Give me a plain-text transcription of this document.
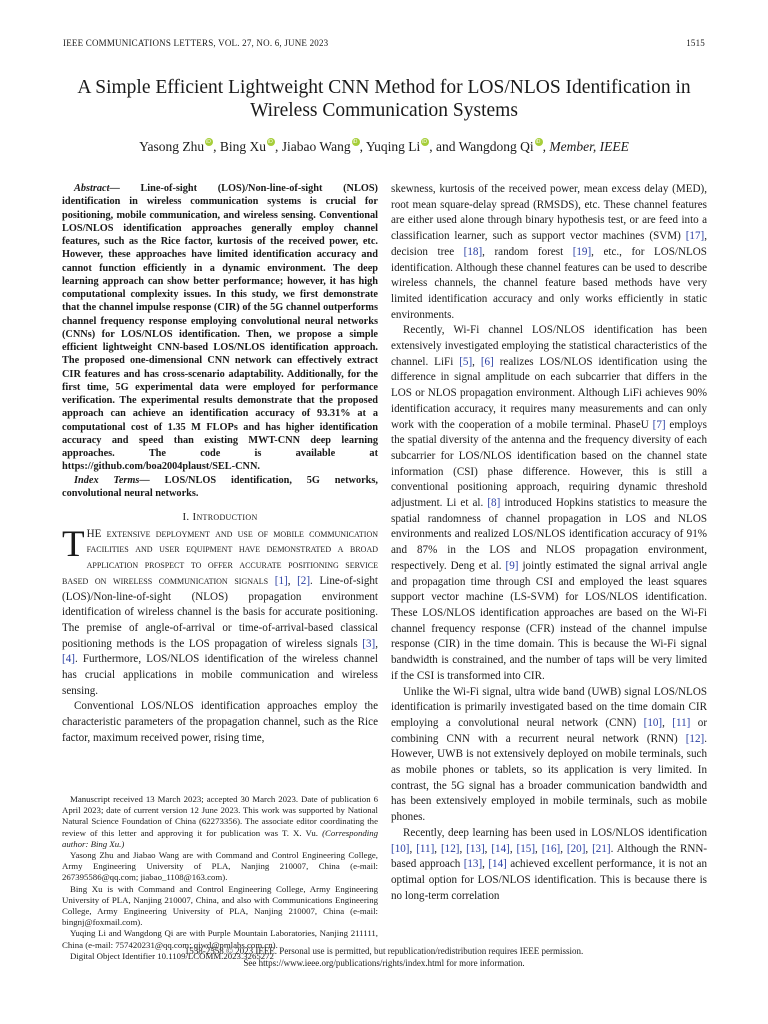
IEEE COMMUNICATIONS LETTERS, VOL. 27, NO. 6, JUNE 2023	1515
A Simple Efficient Lightweight CNN Method for LOS/NLOS Identification in
Wireless Communication Systems
Yasong Zhu iD , Bing Xu iD , Jiabao Wang iD , Yuqing Li iD , and Wangdong Qi iD , Member, IEEE

Abstract— Line-of-sight (LOS)/Non-line-of-sight (NLOS) identification in wireless communication systems is crucial for positioning, mobile communication, and wireless sensing. Conventional LOS/NLOS identification approaches generally employ channel features, such as the Rice factor, kurtosis of the received power, etc. However, these approaches have limited identification accuracy and cannot function efficiently in a dynamic environment. The deep learning approach can show better performance; however, it has high computational complexity issues. In this study, we first demonstrate that the channel impulse response (CIR) of the 5G channel outperforms channel frequency response employing convolutional neural networks (CNNs) for LOS/NLOS identification. Then, we propose a simple efficient lightweight CNN-based LOS/NLOS identification approach. The proposed one-dimensional CNN network can effectively extract CIR features and has cross-scenario adaptability. Additionally, for the first time, 5G experimental data were employed for performance verification. The experimental results demonstrate that the proposed approach can achieve an identification accuracy of 93.31% at a computational cost of 1.35 M FLOPs and has higher identification accuracy and speed than existing MWT-CNN deep learning approaches. The code is available at https://github.com/boa2004plaust/SEL-CNN.

Index Terms— LOS/NLOS identification, 5G networks, convolutional neural networks.

I. Introduction

THE extensive deployment and use of mobile communication facilities and user equipment have demonstrated a broad application prospect to offer accurate positioning service based on wireless communication signals [1], [2]. Line-of-sight (LOS)/Non-line-of-sight (NLOS) propagation environment identification of wireless channel is the basis for accurate positioning. The premise of angle-of-arrival or time-of-arrival-based classical positioning methods is the LOS propagation of wireless signals [3], [4]. Furthermore, LOS/NLOS identification of the wireless channel has crucial applications in mobile communication and wireless sensing.

Conventional LOS/NLOS identification approaches employ the characteristic parameters of the propagation channel, such as the Rice factor, maximum received power, rising time,

skewness, kurtosis of the received power, mean excess delay (MED), root mean square-delay spread (RMSDS), etc. These channel features are either used alone through binary hypothesis test, or are feed into a classification learner, such as support vector machines (SVM) [17], decision tree [18], random forest [19], etc., for LOS/NLOS identification. Although these channel features can be used to describe wireless channels, the channel feature based methods have very limited identification accuracy and only works efficiently in static environments.

Recently, Wi-Fi channel LOS/NLOS identification has been extensively investigated employing the statistical characteristics of the channel. LiFi [5], [6] realizes LOS/NLOS identification using the difference in signal amplitude on each subcarrier that differs in the LOS or NLOS propagation environment. Although LiFi achieves 90% identification accuracy, it requires many measurements and can only work with the cooperation of a mobile terminal. PhaseU [7] employs the spatial diversity of the antenna and the frequency diversity of each subcarrier for LOS/NLOS identification based on the channel state information (CSI) phase difference. However, this is still a conventional positioning approach, requiring dynamic threshold adjustment. Li et al. [8] introduced Hopkins statistics to measure the spatial randomness of channel propagation in LOS and NLOS environments and realized LOS/NLOS identification accuracy of 91% and 87% in the LOS and NLOS propagation environment, respectively. Deng et al. [9] jointly estimated the signal arrival angle and propagation time through CSI and employed the least squares support vector machine (LS-SVM) for LOS/NLOS identification. These LOS/NLOS identification approaches are based on the Wi-Fi channel frequency response (CFR) instead of the channel impulse response (CIR) in the time domain. This is because the Wi-Fi signal bandwidth is constrained, and the number of taps will be very limited if the CSI is transformed into CIR.

Unlike the Wi-Fi signal, ultra wide band (UWB) signal LOS/NLOS identification is primarily investigated based on the time domain CIR employing a convolutional neural network (CNN) [10], [11] or combining CNN with a recurrent neural network (RNN) [12]. However, UWB is not extensively deployed on mobile terminals, such as mobile phones or tablets, so its application is very limited. In contrast, the 5G signal has a broader communication bandwidth and has been extensively employed in mobile terminals, such as mobile phones.

Recently, deep learning has been used in LOS/NLOS identification [10], [11], [12], [13], [14], [15], [16], [20], [21]. Although the RNN-based approach [13], [14] achieved excellent performance, it is not an optimal option for LOS/NLOS identification. This is because there is no long-term correlation

Manuscript received 13 March 2023; accepted 30 March 2023. Date of publication 6 April 2023; date of current version 12 June 2023. This work was supported by National Natural Science Foundation of China (62273356). The associate editor coordinating the review of this letter and approving it for publication was T. X. Vu. (Corresponding author: Bing Xu.)

Yasong Zhu and Jiabao Wang are with Command and Control Engineering College, Army Engineering University of PLA, Nanjing 210007, China (e-mail: 267395586@qq.com; jiabao_1108@163.com).

Bing Xu is with Command and Control Engineering College, Army Engineering University of PLA, Nanjing 210007, China, and also with Communications Engineering College, Army Engineering University of PLA, Nanjing 210007, China (e-mail: bingnj@foxmail.com).

Yuqing Li and Wangdong Qi are with Purple Mountain Laboratories, Nanjing 211111, China (e-mail: 757420231@qq.com; qiwd@pmlabs.com.cn).

Digital Object Identifier 10.1109/LCOMM.2023.3265272

1558-2558 © 2023 IEEE. Personal use is permitted, but republication/redistribution requires IEEE permission.
See https://www.ieee.org/publications/rights/index.html for more information.
